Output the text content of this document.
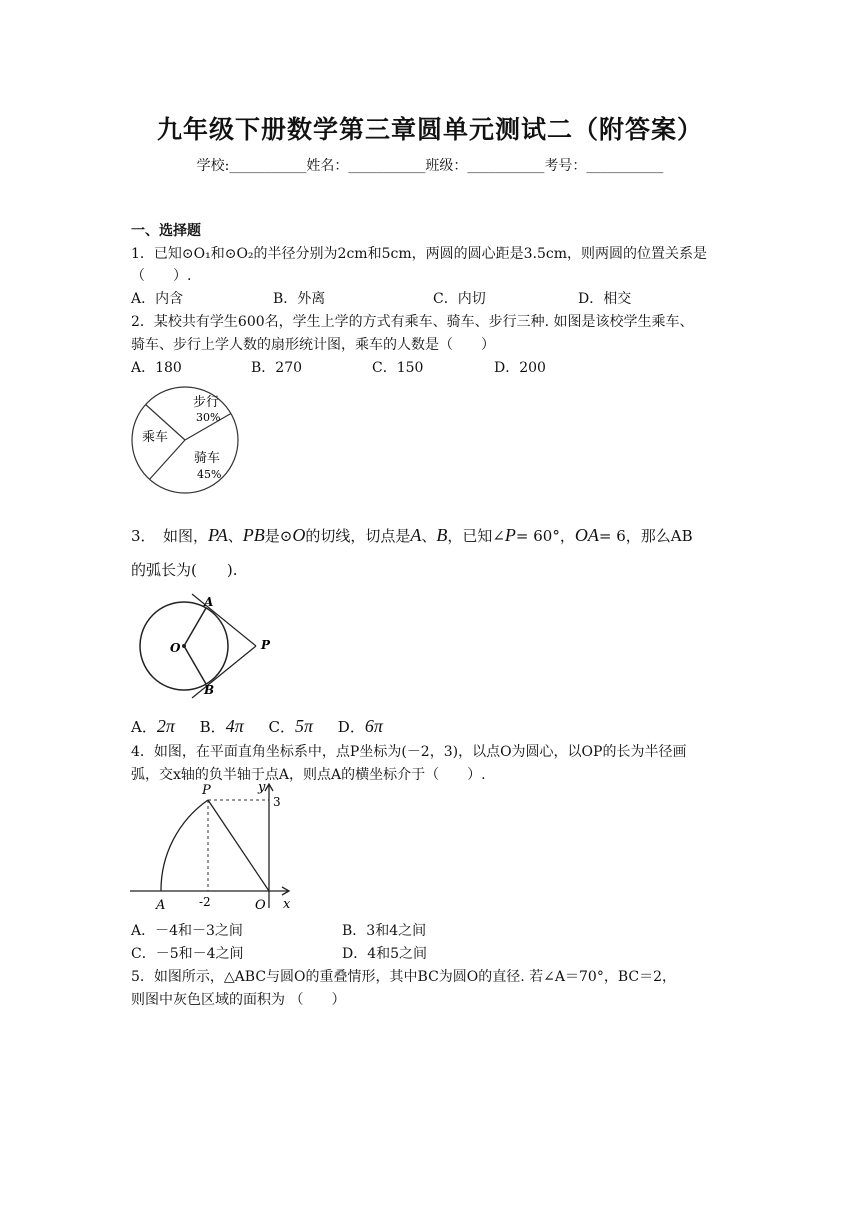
九年级下册数学第三章圆单元测试二（附答案）
学校:___________姓名：___________班级：___________考号：___________
一、选择题
1．已知⊙O₁和⊙O₂的半径分别为2cm和5cm，两圆的圆心距是3.5cm，则两圆的位置关系是
（　　）.
A．内含	B．外离	C．内切	D．相交
2．某校共有学生600名，学生上学的方式有乘车、骑车、步行三种. 如图是该校学生乘车、
骑车、步行上学人数的扇形统计图，乘车的人数是（　　）
A．180	B．270	C．150	D．200
步行
30%
乘车
骑车
45%
3．　如图，PA、PB是⊙O的切线，切点是A、B，已知∠P= 60°，OA= 6，那么AB
的弧长为(　　).
A
B
O	P
A．2π B．4π C．5π D．6π
4．如图，在平面直角坐标系中，点P坐标为(－2，3)，以点O为圆心，以OP的长为半径画
弧，交x轴的负半轴于点A，则点A的横坐标介于（　　）.
P	y
3
A	-2	O x
A．－4和－3之间	B．3和4之间
C．－5和－4之间	D．4和5之间
5．如图所示，△ABC与圆O的重叠情形，其中BC为圆O的直径. 若∠A＝70°，BC＝2，
则图中灰色区域的面积为 （　　）
